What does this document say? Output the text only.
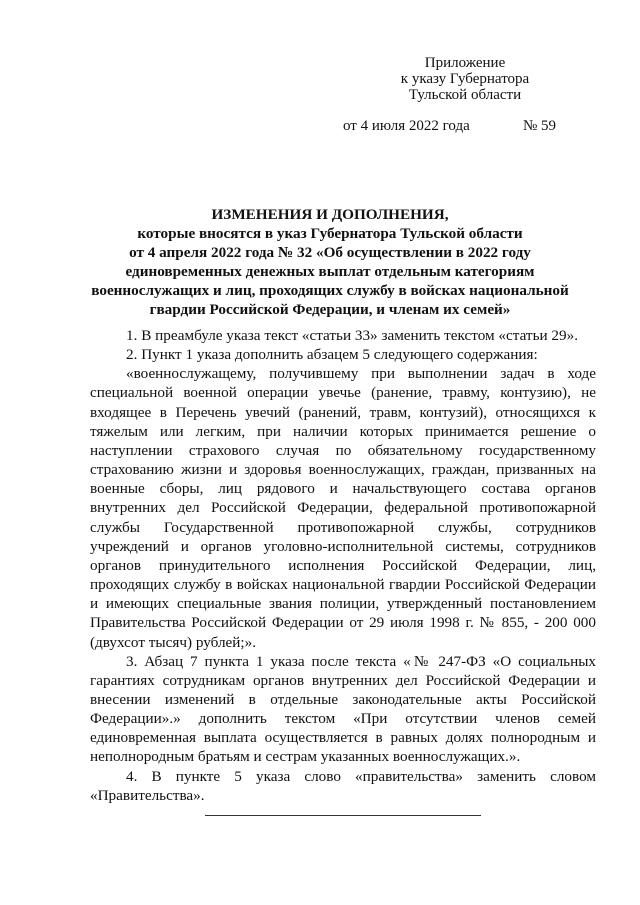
Приложение
к указу Губернатора
Тульской области
от 4 июля 2022 года	№ 59
ИЗМЕНЕНИЯ И ДОПОЛНЕНИЯ,
которые вносятся в указ Губернатора Тульской области
от 4 апреля 2022 года № 32 «Об осуществлении в 2022 году
единовременных денежных выплат отдельным категориям
военнослужащих и лиц, проходящих службу в войсках национальной
гвардии Российской Федерации, и членам их семей»

1. В преамбуле указа текст «статьи 33» заменить текстом «статьи 29».

2. Пункт 1 указа дополнить абзацем 5 следующего содержания:

«военнослужащему, получившему при выполнении задач в ходе специальной военной операции увечье (ранение, травму, контузию), не входящее в Перечень увечий (ранений, травм, контузий), относящихся к тяжелым или легким, при наличии которых принимается решение о наступлении страхового случая по обязательному государственному страхованию жизни и здоровья военнослужащих, граждан, призванных на военные сборы, лиц рядового и начальствующего состава органов внутренних дел Российской Федерации, федеральной противопожарной службы Государственной противопожарной службы, сотрудников учреждений и органов уголовно-исполнительной системы, сотрудников органов принудительного исполнения Российской Федерации, лиц, проходящих службу в войсках национальной гвардии Российской Федерации и имеющих специальные звания полиции, утвержденный постановлением Правительства Российской Федерации от 29 июля 1998 г. № 855, - 200 000 (двухсот тысяч) рублей;».

3. Абзац 7 пункта 1 указа после текста «№ 247-ФЗ «О социальных гарантиях сотрудникам органов внутренних дел Российской Федерации и внесении изменений в отдельные законодательные акты Российской Федерации».» дополнить текстом «При отсутствии членов семей единовременная выплата осуществляется в равных долях полнородным и неполнородным братьям и сестрам указанных военнослужащих.».

4. В пункте 5 указа слово «правительства» заменить словом «Правительства».
